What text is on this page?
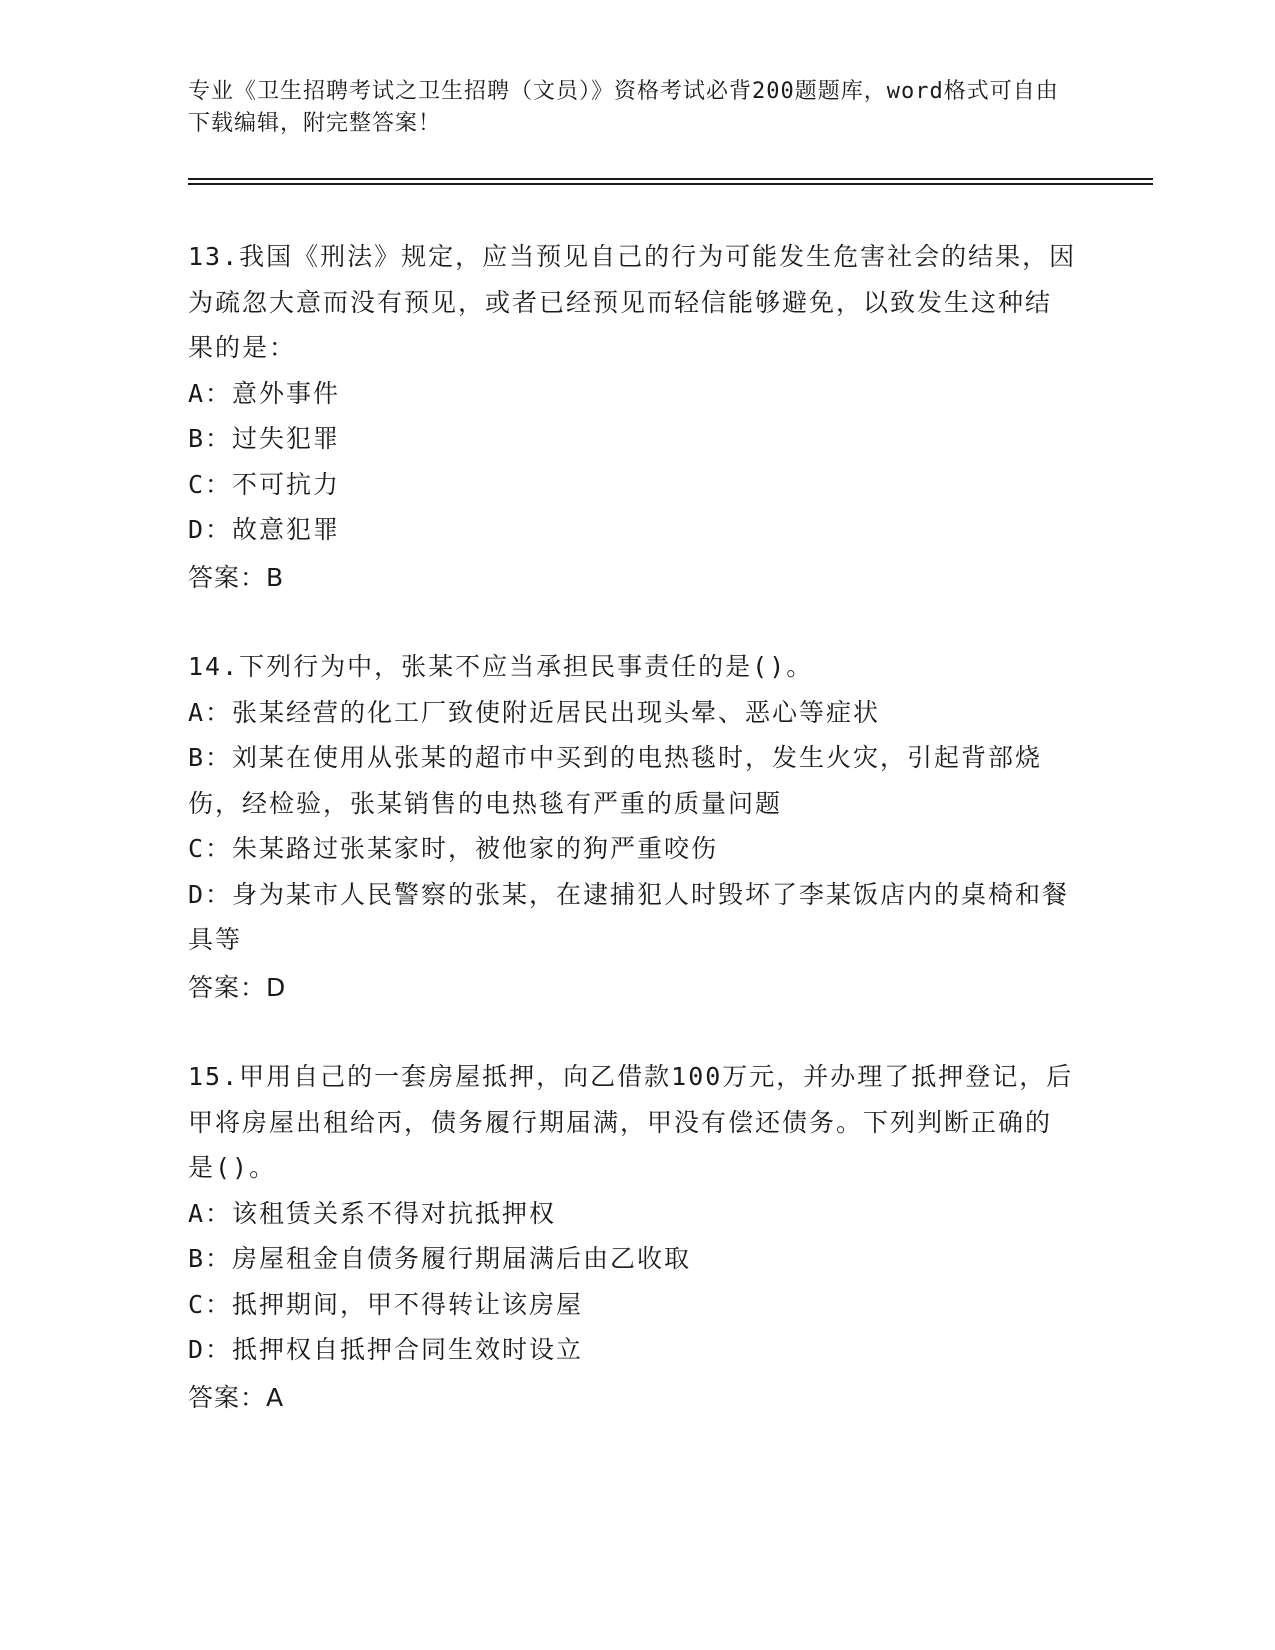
专业《卫生招聘考试之卫生招聘（文员）》资格考试必背200题题库，word格式可自由下载编辑，附完整答案！

13.我国《刑法》规定，应当预见自己的行为可能发生危害社会的结果，因为疏忽大意而没有预见，或者已经预见而轻信能够避免，以致发生这种结果的是：

A：意外事件

B：过失犯罪

C：不可抗力

D：故意犯罪

答案：B

14.下列行为中，张某不应当承担民事责任的是()。

A：张某经营的化工厂致使附近居民出现头晕、恶心等症状

B：刘某在使用从张某的超市中买到的电热毯时，发生火灾，引起背部烧伤，经检验，张某销售的电热毯有严重的质量问题

C：朱某路过张某家时，被他家的狗严重咬伤

D：身为某市人民警察的张某，在逮捕犯人时毁坏了李某饭店内的桌椅和餐具等

答案：D

15.甲用自己的一套房屋抵押，向乙借款100万元，并办理了抵押登记，后甲将房屋出租给丙，债务履行期届满，甲没有偿还债务。下列判断正确的是()。

A：该租赁关系不得对抗抵押权

B：房屋租金自债务履行期届满后由乙收取

C：抵押期间，甲不得转让该房屋

D：抵押权自抵押合同生效时设立

答案：A
